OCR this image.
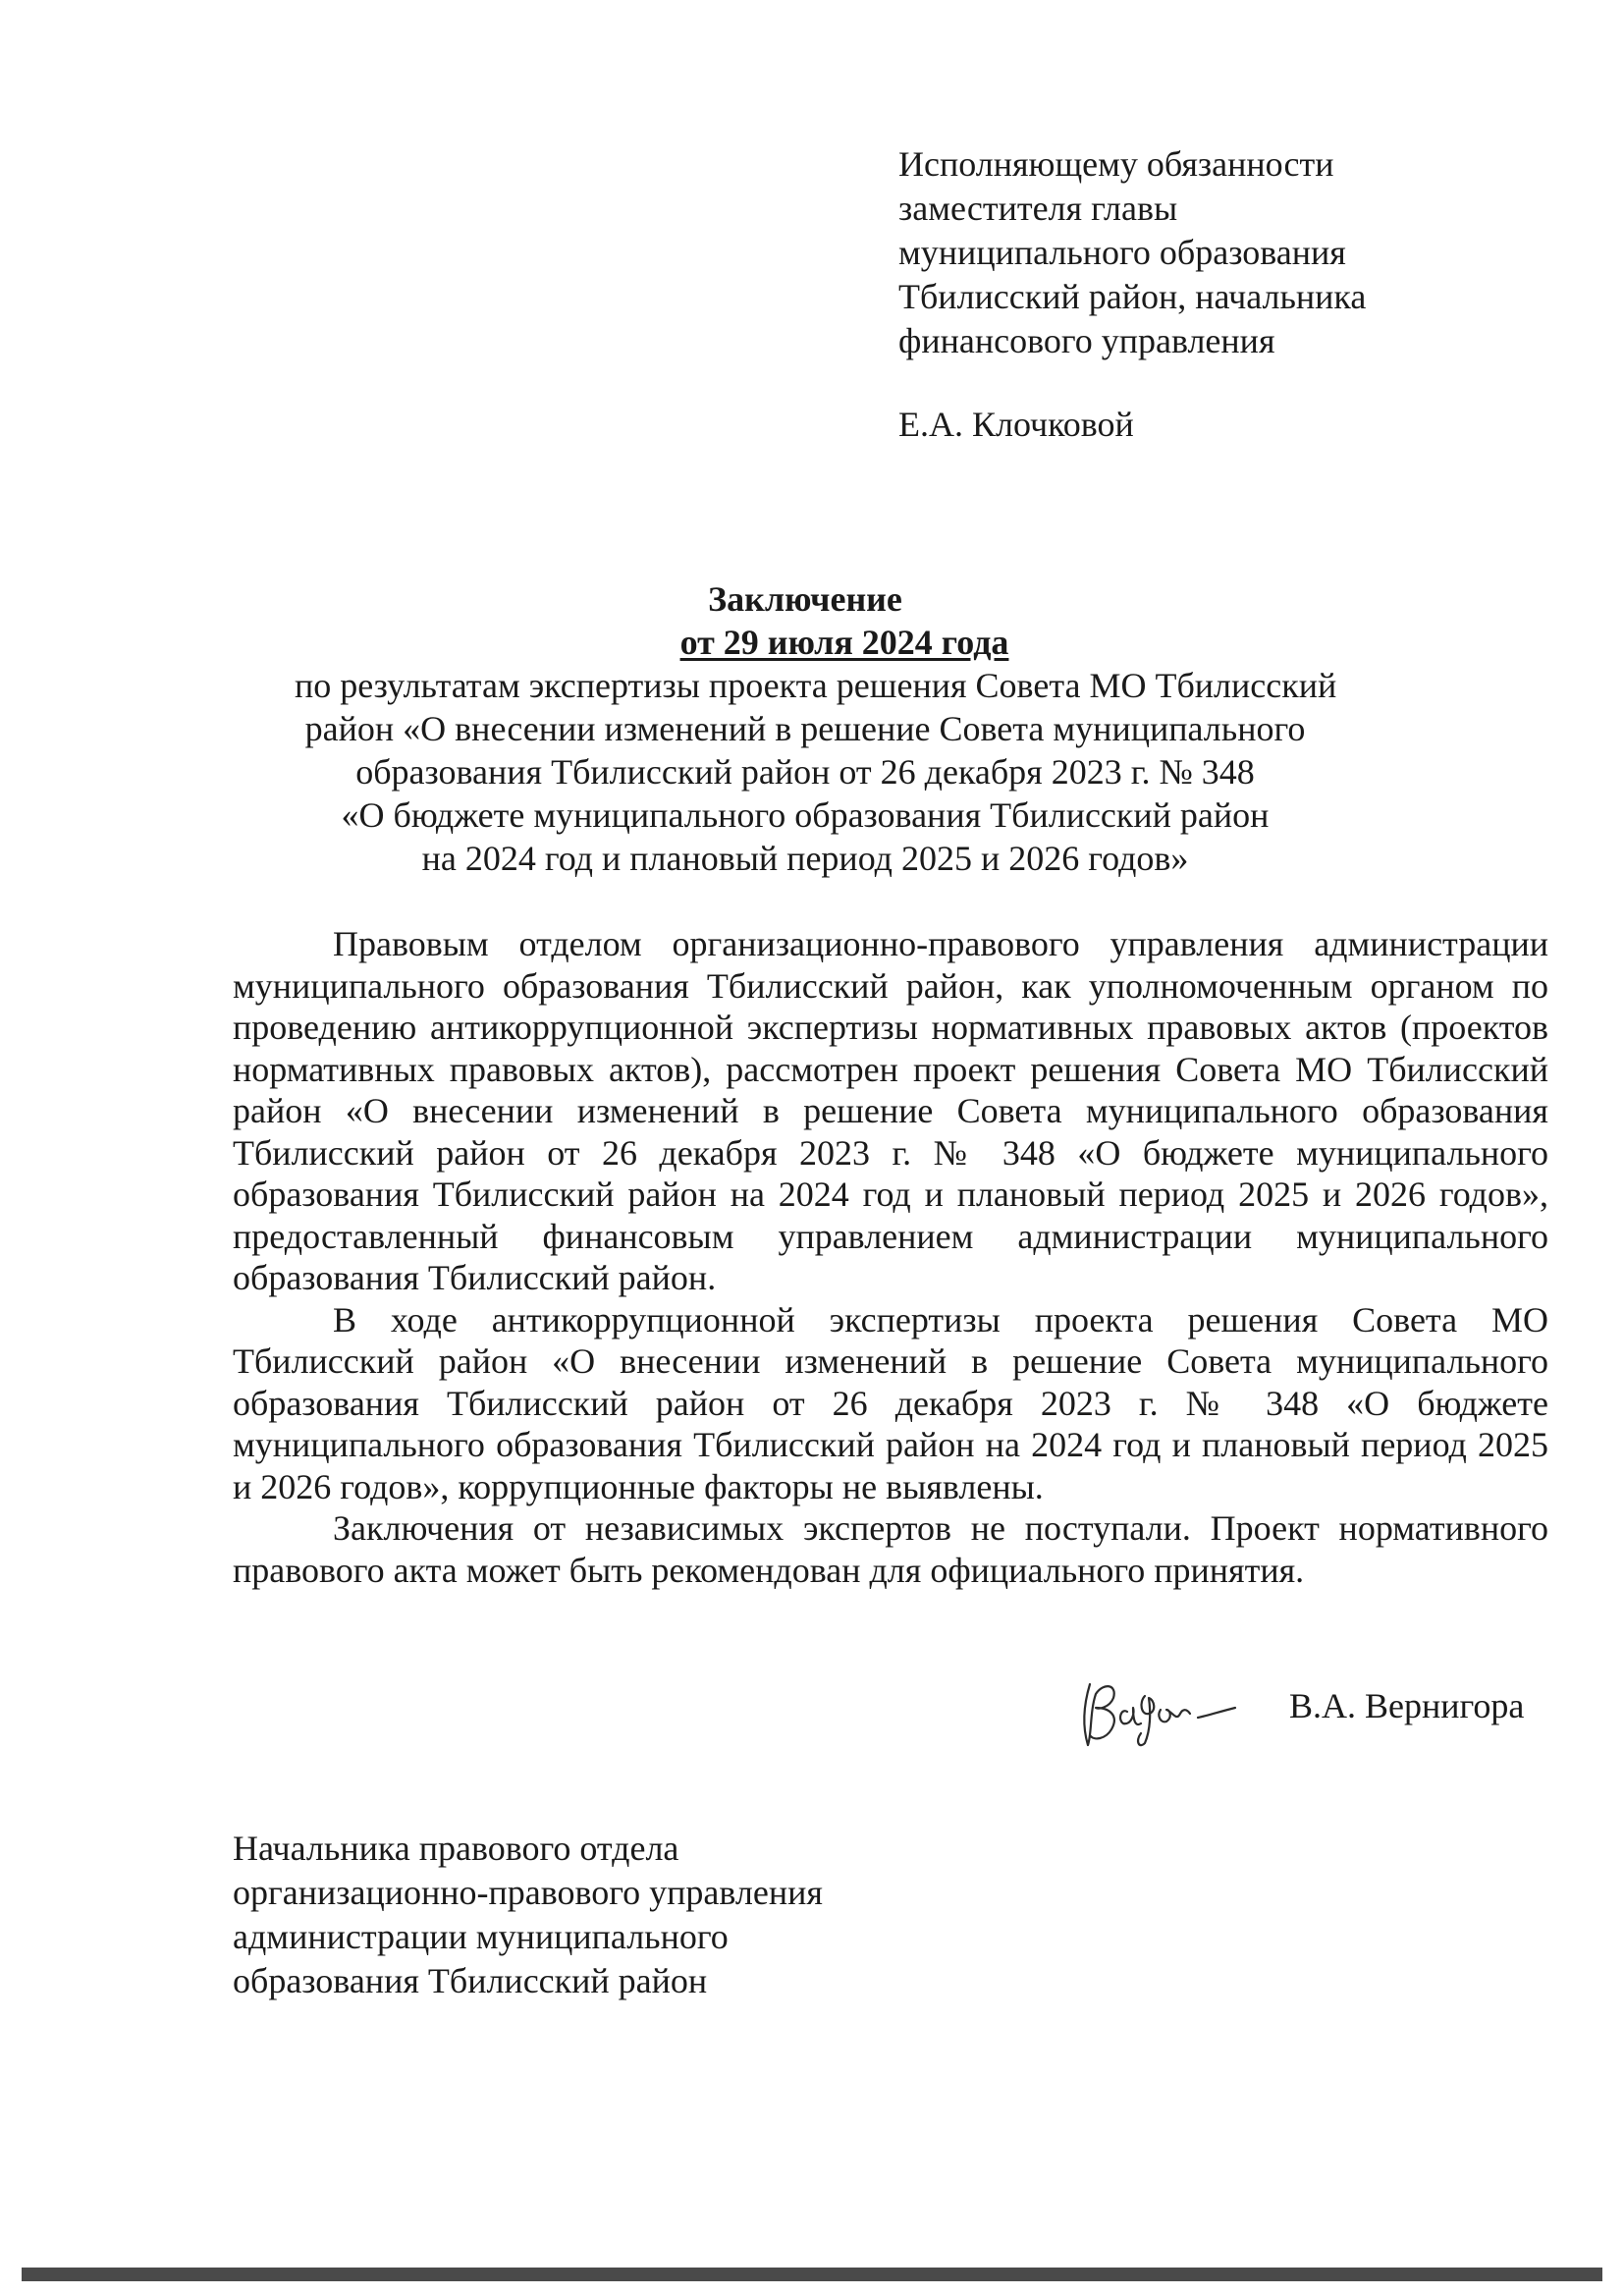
Исполняющему обязанности
заместителя главы
муниципального образования
Тбилисский район, начальника
финансового управления
Е.А. Клочковой
Заключение
от 29 июля 2024 года
по результатам экспертизы проекта решения Совета МО Тбилисский
район «О внесении изменений в решение Совета муниципального
образования Тбилисский район от 26 декабря 2023 г. № 348
«О бюджете муниципального образования Тбилисский район
на 2024 год и плановый период 2025 и 2026 годов»

Правовым отделом организационно-правового управления администрации муниципального образования Тбилисский район, как уполномоченным органом по проведению антикоррупционной экспертизы нормативных правовых актов (проектов нормативных правовых актов), рассмотрен проект решения Совета МО Тбилисский район «О внесении изменений в решение Совета муниципального образования Тбилисский район от 26 декабря 2023 г. № 348 «О бюджете муниципального образования Тбилисский район на 2024 год и плановый период 2025 и 2026 годов», предоставленный финансовым управлением администрации муниципального образования Тбилисский район.

В ходе антикоррупционной экспертизы проекта решения Совета МО Тбилисский район «О внесении изменений в решение Совета муниципального образования Тбилисский район от 26 декабря 2023 г. № 348 «О бюджете муниципального образования Тбилисский район на 2024 год и плановый период 2025 и 2026 годов», коррупционные факторы не выявлены.

Заключения от независимых экспертов не поступали. Проект нормативного правового акта может быть рекомендован для официального принятия.

Начальника правового отдела
организационно-правового управления
администрации муниципального
образования Тбилисский район
В.А. Вернигора
